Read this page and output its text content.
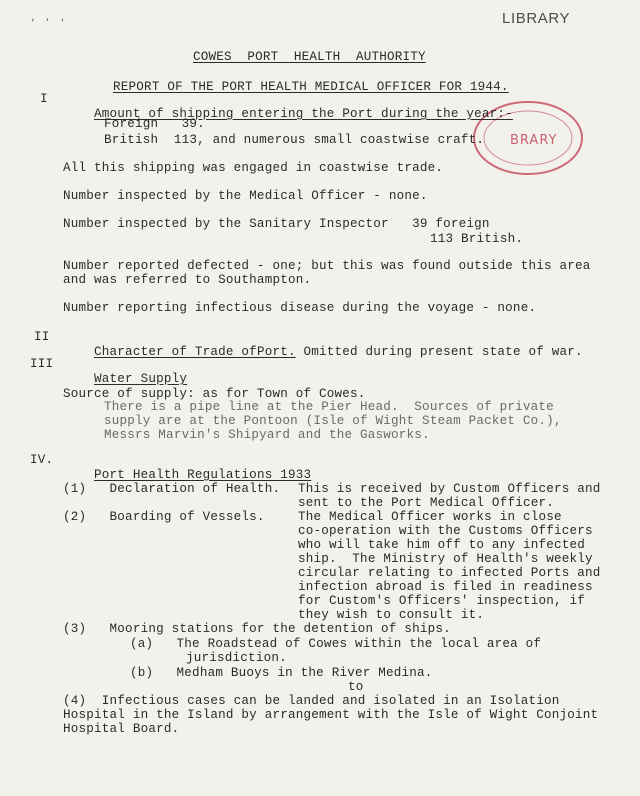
LIBRARY
‘ ’ ‘
BRARY

COWES  PORT  HEALTH  AUTHORITY

REPORT OF THE PORT HEALTH MEDICAL OFFICER FOR 1944.

I

Amount of shipping entering the Port during the year:-

Foreign   39.
British  113, and numerous small coastwise craft.
All this shipping was engaged in coastwise trade.
Number inspected by the Medical Officer - none.
Number inspected by the Sanitary Inspector   39 foreign
113 British.
Number reported defected - one; but this was found outside this area
and was referred to Southampton.
Number reporting infectious disease during the voyage - none.
II

Character of Trade ofPort. Omitted during present state of war.

III

Water Supply

Source of supply: as for Town of Cowes.
There is a pipe line at the Pier Head.  Sources of private
supply are at the Pontoon (Isle of Wight Steam Packet Co.),
Messrs Marvin's Shipyard and the Gasworks.
IV.

Port Health Regulations 1933

(1)   Declaration of Health. This is received by Custom Officers and
sent to the Port Medical Officer.
(2)   Boarding of Vessels.	The Medical Officer works in close
co-operation with the Customs Officers
who will take him off to any infected
ship.  The Ministry of Health's weekly
circular relating to infected Ports and
infection abroad is filed in readiness
for Custom's Officers' inspection, if
they wish to consult it.
(3)   Mooring stations for the detention of ships.
(a)   The Roadstead of Cowes within the local area of
jurisdiction.
(b)   Medham Buoys in the River Medina.
to
(4)  Infectious cases can be landed and isolated in an Isolation
Hospital in the Island by arrangement with the Isle of Wight Conjoint
Hospital Board.
